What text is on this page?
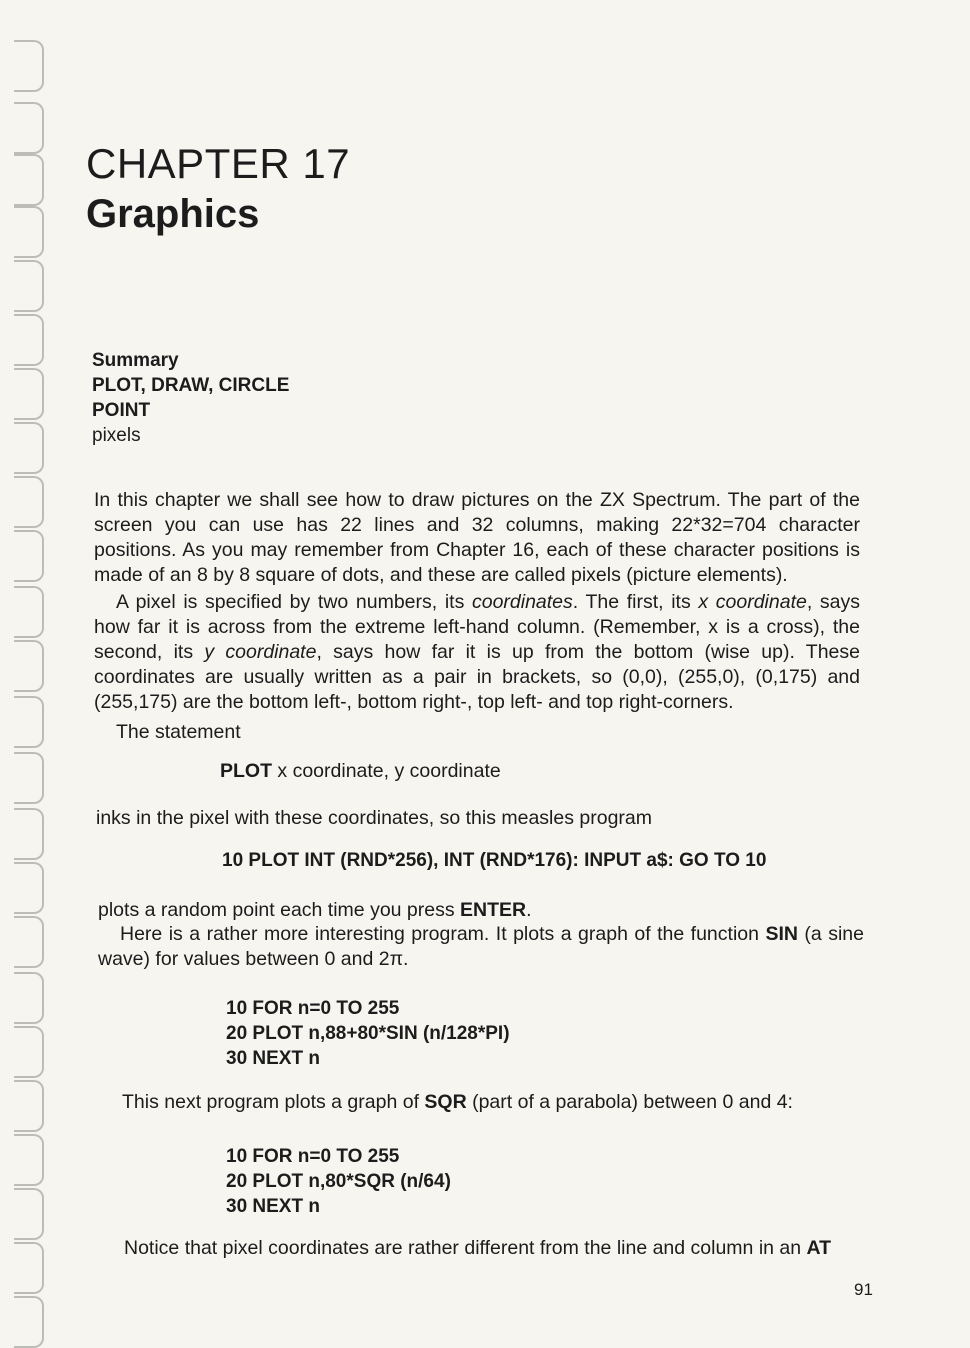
CHAPTER 17
Graphics
Summary
PLOT, DRAW, CIRCLE
POINT
pixels
In this chapter we shall see how to draw pictures on the ZX Spectrum. The part of the screen you can use has 22 lines and 32 columns, making 22*32=704 character positions. As you may remember from Chapter 16, each of these character positions is made of an 8 by 8 square of dots, and these are called pixels (picture elements).
A pixel is specified by two numbers, its coordinates. The first, its x coordinate, says how far it is across from the extreme left-hand column. (Remember, x is a cross), the second, its y coordinate, says how far it is up from the bottom (wise up). These coordinates are usually written as a pair in brackets, so (0,0), (255,0), (0,175) and (255,175) are the bottom left-, bottom right-, top left- and top right-corners.
The statement
PLOT x coordinate, y coordinate
inks in the pixel with these coordinates, so this measles program
10 PLOT INT (RND*256), INT (RND*176): INPUT a$: GO TO 10
plots a random point each time you press ENTER.
Here is a rather more interesting program. It plots a graph of the function SIN (a sine wave) for values between 0 and 2π.
10 FOR n=0 TO 255
20 PLOT n,88+80*SIN (n/128*PI)
30 NEXT n
This next program plots a graph of SQR (part of a parabola) between 0 and 4:
10 FOR n=0 TO 255
20 PLOT n,80*SQR (n/64)
30 NEXT n
Notice that pixel coordinates are rather different from the line and column in an AT
91
